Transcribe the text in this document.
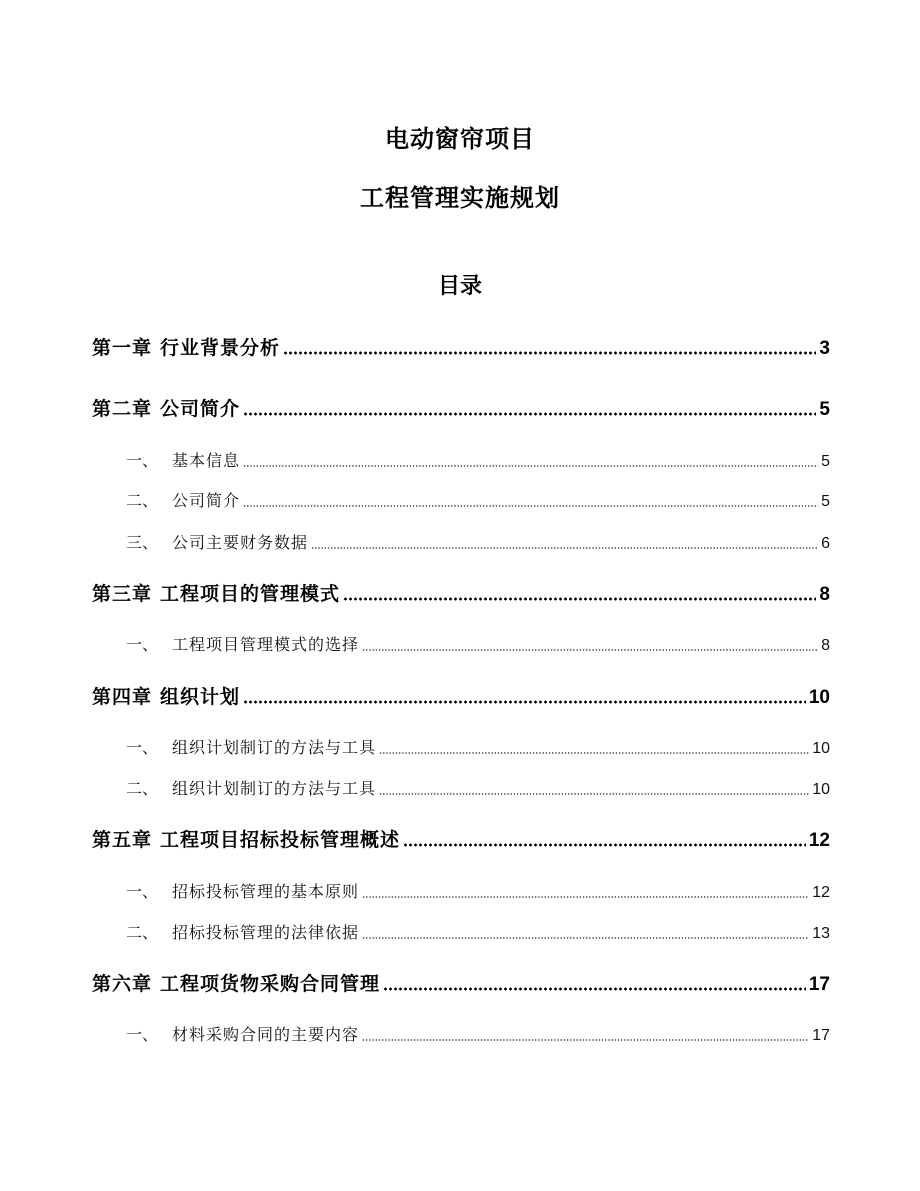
电动窗帘项目
工程管理实施规划
目录
第一章 行业背景分析	3
第二章 公司简介	5
一、 基本信息	5
二、 公司简介	5
三、 公司主要财务数据	6
第三章 工程项目的管理模式	8
一、 工程项目管理模式的选择	8
第四章 组织计划	10
一、 组织计划制订的方法与工具	10
二、 组织计划制订的方法与工具	10
第五章 工程项目招标投标管理概述	12
一、 招标投标管理的基本原则	12
二、 招标投标管理的法律依据	13
第六章 工程项货物采购合同管理	17
一、 材料采购合同的主要内容	17
